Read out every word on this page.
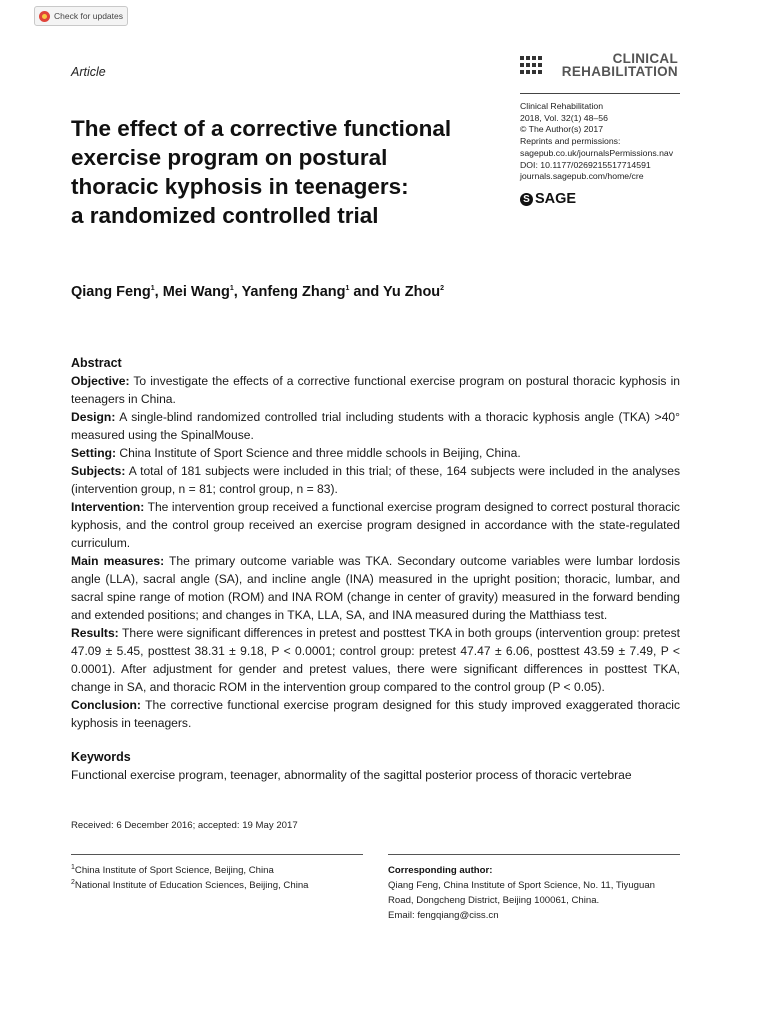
Check for updates
Article
CLINICAL
REHABILITATION
The effect of a corrective functional
exercise program on postural
thoracic kyphosis in teenagers:
a randomized controlled trial
Clinical Rehabilitation
2018, Vol. 32(1) 48–56
© The Author(s) 2017
Reprints and permissions:
sagepub.co.uk/journalsPermissions.nav
DOI: 10.1177/0269215517714591
journals.sagepub.com/home/cre
S SAGE
Qiang Feng$^1$, Mei Wang$^1$, Yanfeng Zhang$^1$ and Yu Zhou$^2$
Abstract

Objective: To investigate the effects of a corrective functional exercise program on postural thoracic kyphosis in teenagers in China.

Design: A single-blind randomized controlled trial including students with a thoracic kyphosis angle (TKA) >40° measured using the SpinalMouse.

Setting: China Institute of Sport Science and three middle schools in Beijing, China.

Subjects: A total of 181 subjects were included in this trial; of these, 164 subjects were included in the analyses (intervention group, n = 81; control group, n = 83).

Intervention: The intervention group received a functional exercise program designed to correct postural thoracic kyphosis, and the control group received an exercise program designed in accordance with the state-regulated curriculum.

Main measures: The primary outcome variable was TKA. Secondary outcome variables were lumbar lordosis angle (LLA), sacral angle (SA), and incline angle (INA) measured in the upright position; thoracic, lumbar, and sacral spine range of motion (ROM) and INA ROM (change in center of gravity) measured in the forward bending and extended positions; and changes in TKA, LLA, SA, and INA measured during the Matthiass test.

Results: There were significant differences in pretest and posttest TKA in both groups (intervention group: pretest 47.09 ± 5.45, posttest 38.31 ± 9.18, P < 0.0001; control group: pretest 47.47 ± 6.06, posttest 43.59 ± 7.49, P < 0.0001). After adjustment for gender and pretest values, there were significant differences in posttest TKA, change in SA, and thoracic ROM in the intervention group compared to the control group (P < 0.05).

Conclusion: The corrective functional exercise program designed for this study improved exaggerated thoracic kyphosis in teenagers.

Keywords

Functional exercise program, teenager, abnormality of the sagittal posterior process of thoracic vertebrae

Received: 6 December 2016; accepted: 19 May 2017
$^1$China Institute of Sport Science, Beijing, China
$^2$National Institute of Education Sciences, Beijing, China
Corresponding author:
Qiang Feng, China Institute of Sport Science, No. 11, Tiyuguan
Road, Dongcheng District, Beijing 100061, China.
Email: fengqiang@ciss.cn
